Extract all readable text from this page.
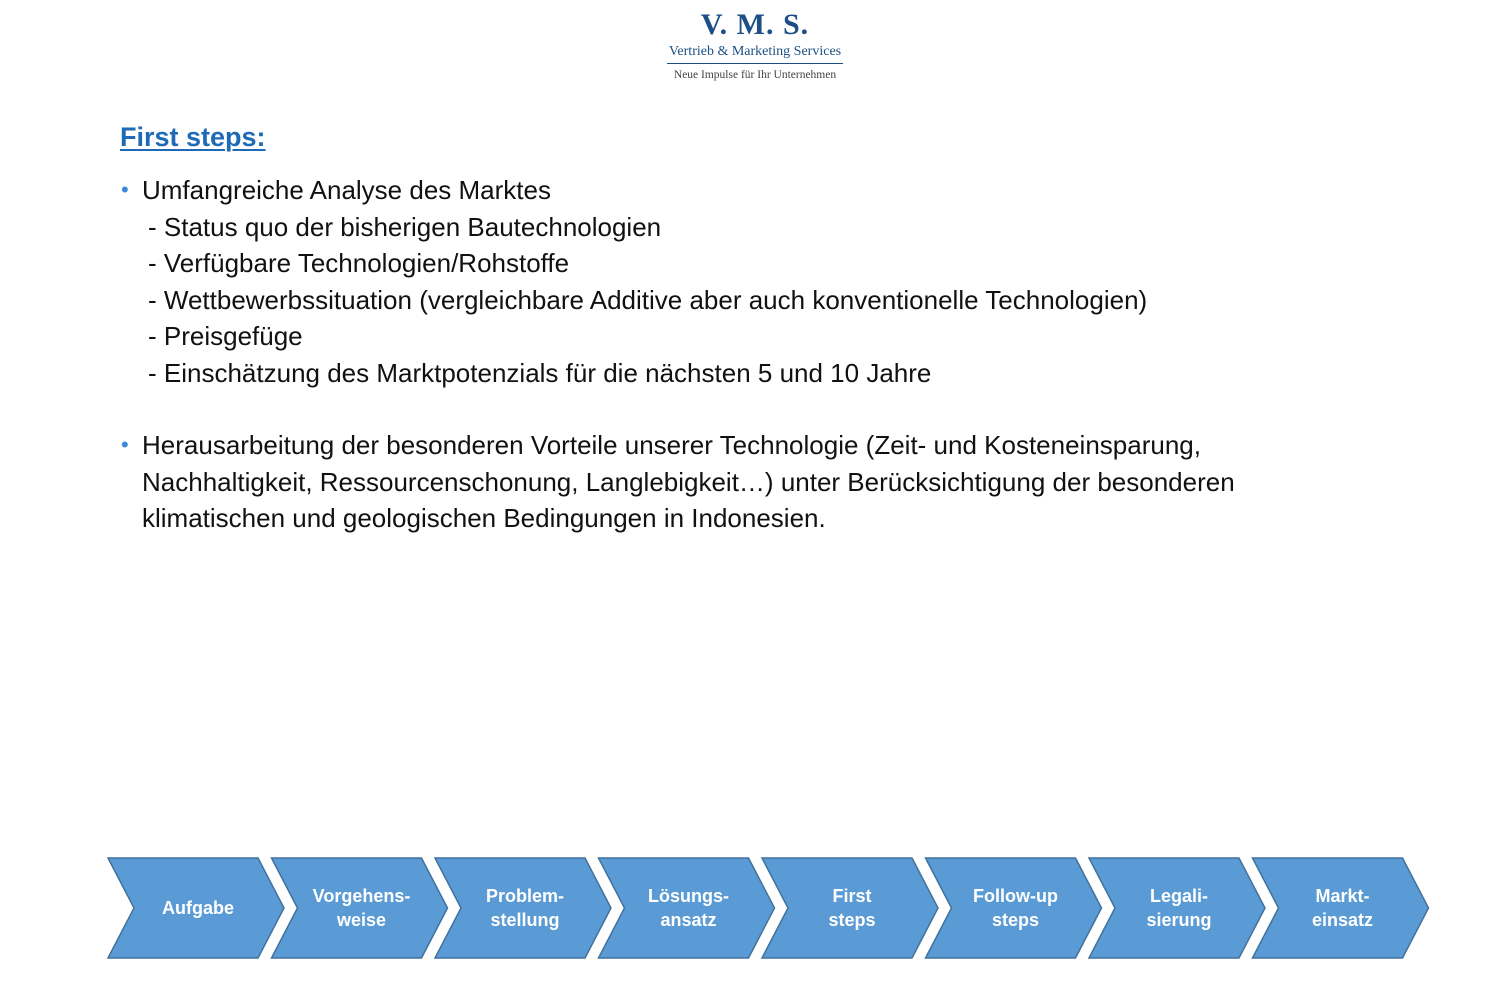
V. M. S.
Vertrieb & Marketing Services
Neue Impulse für Ihr Unternehmen
First steps:
• Umfangreiche Analyse des Marktes
- Status quo der bisherigen Bautechnologien
- Verfügbare Technologien/Rohstoffe
- Wettbewerbssituation (vergleichbare Additive aber auch konventionelle Technologien)
- Preisgefüge
- Einschätzung des Marktpotenzials für die nächsten 5 und 10 Jahre
• Herausarbeitung der besonderen Vorteile unserer Technologie (Zeit- und Kosteneinsparung,
Nachhaltigkeit, Ressourcenschonung, Langlebigkeit…) unter Berücksichtigung der besonderen
klimatischen und geologischen Bedingungen in Indonesien.
Aufgabe
Vorgehens-
weise
Problem-
stellung
Lösungs-
ansatz
First
steps
Follow-up
steps
Legali-
sierung
Markt-
einsatz
